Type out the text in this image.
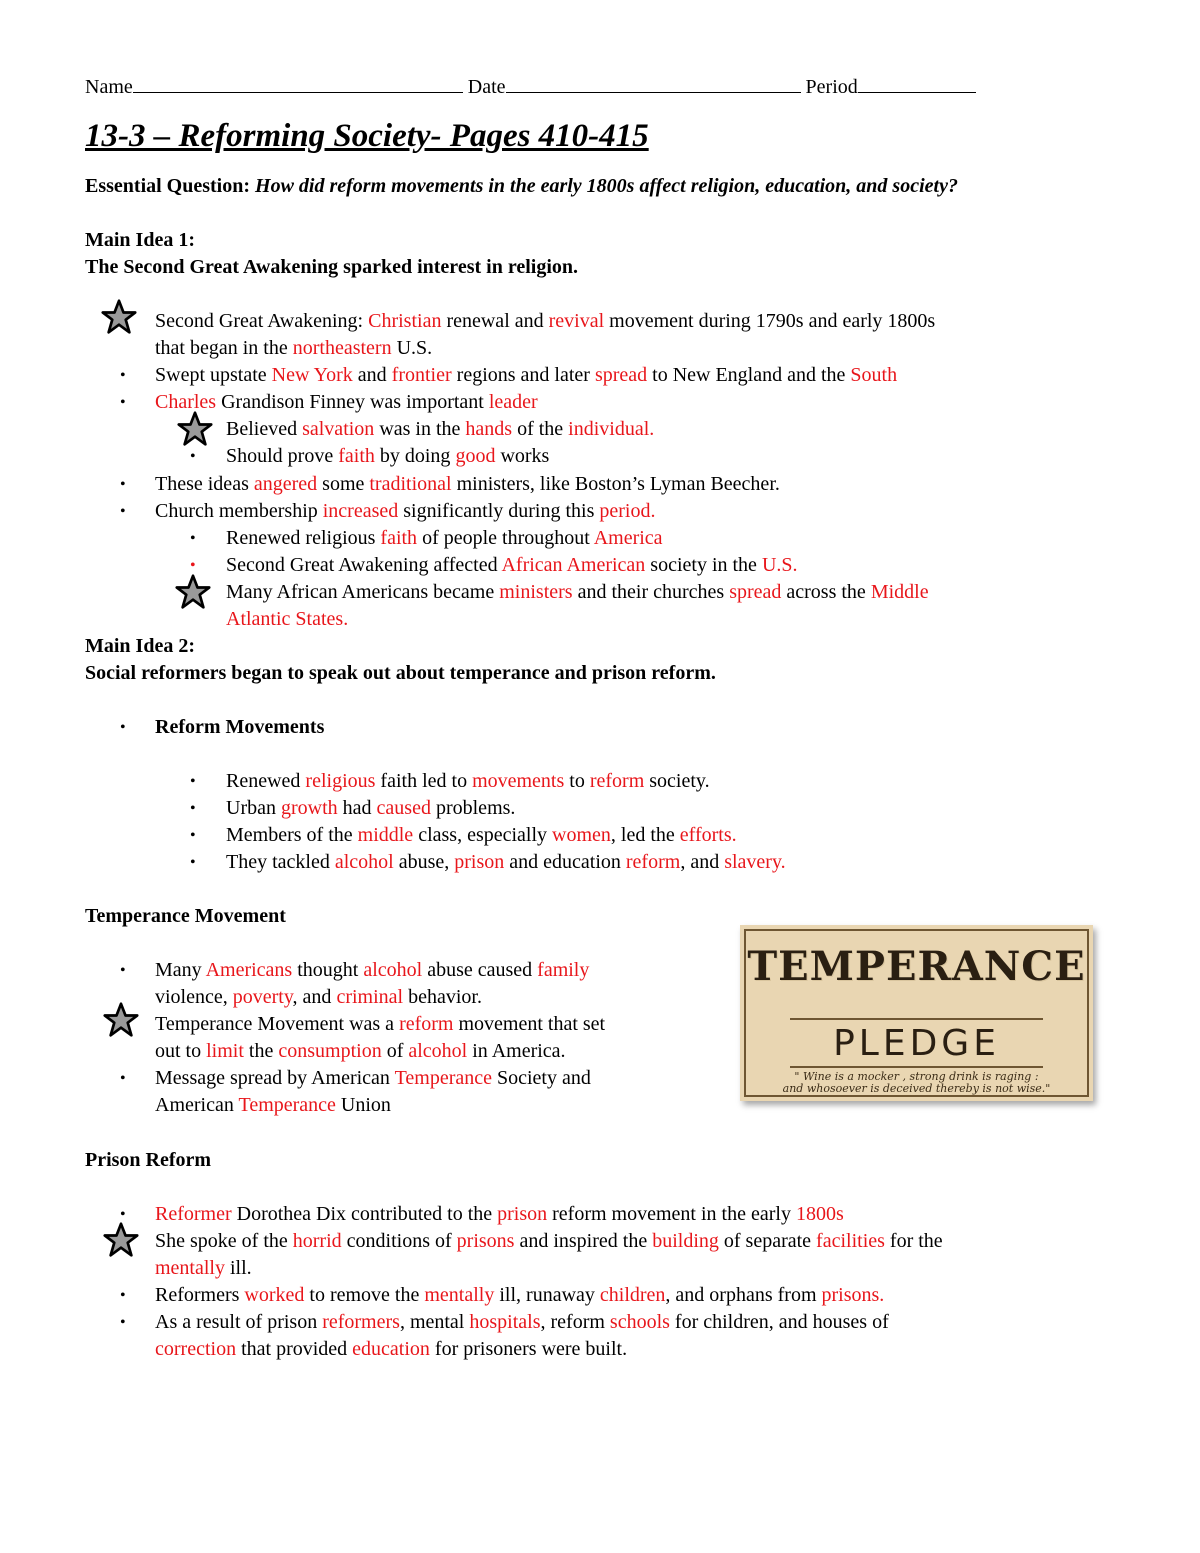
Name	Date	Period
13-3 – Reforming Society- Pages 410-415
Essential Question: How did reform movements in the early 1800s affect religion, education, and society?
Main Idea 1:
The Second Great Awakening sparked interest in religion.
Second Great Awakening: Christian renewal and revival movement during 1790s and early 1800s
that began in the northeastern U.S.
• Swept upstate New York and frontier regions and later spread to New England and the South
• Charles Grandison Finney was important leader
Believed salvation was in the hands of the individual.
• Should prove faith by doing good works
• These ideas angered some traditional ministers, like Boston’s Lyman Beecher.
• Church membership increased significantly during this period.
• Renewed religious faith of people throughout America
• Second Great Awakening affected African American society in the U.S.
Many African Americans became ministers and their churches spread across the Middle
Atlantic States.
Main Idea 2:
Social reformers began to speak out about temperance and prison reform.
• Reform Movements
• Renewed religious faith led to movements to reform society.
• Urban growth had caused problems.
• Members of the middle class, especially women, led the efforts.
• They tackled alcohol abuse, prison and education reform, and slavery.
Temperance Movement
• Many Americans thought alcohol abuse caused family
violence, poverty, and criminal behavior.
Temperance Movement was a reform movement that set
out to limit the consumption of alcohol in America.
• Message spread by American Temperance Society and
American Temperance Union
TEMPERANCE
PLEDGE
" Wine is a mocker , strong drink is raging :
and whosoever is deceived thereby is not wise."
Prison Reform
• Reformer Dorothea Dix contributed to the prison reform movement in the early 1800s
She spoke of the horrid conditions of prisons and inspired the building of separate facilities for the
mentally ill.
• Reformers worked to remove the mentally ill, runaway children, and orphans from prisons.
• As a result of prison reformers, mental hospitals, reform schools for children, and houses of
correction that provided education for prisoners were built.
